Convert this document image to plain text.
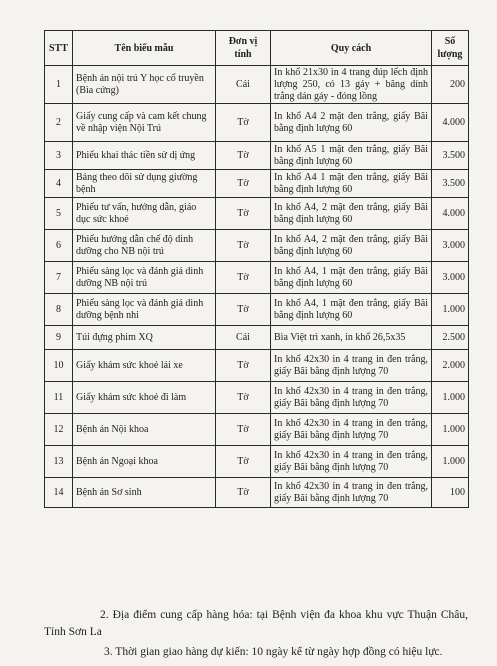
STT	Tên biểu mẫu	Đơn vị tính	Quy cách	Số lượng
1	Bệnh án nội trú Y học cổ truyền (Bìa cứng)	Cái	In khổ 21x30 in 4 trang đúp lếch định lượng 250, có 13 gáy + băng dính trắng dán gáy - đóng lồng	200
2	Giấy cung cấp và cam kết chung về nhập viện Nội Trú	Tờ	In khổ A4 2 mặt đen trắng, giấy Bãi bằng định lượng 60	4.000
3	Phiếu khai thác tiền sử dị ứng	Tờ	In khổ A5 1 mặt đen trắng, giấy Bãi bằng định lượng 60	3.500
4	Bảng theo dõi sử dụng giường bệnh	Tờ	In khổ A4 1 mặt đen trắng, giấy Bãi bằng định lượng 60	3.500
5	Phiếu tư vấn, hướng dẫn, giáo dục sức khoẻ	Tờ	In khổ A4, 2 mặt đen trắng, giấy Bãi bằng định lượng 60	4.000
6	Phiếu hướng dẫn chế độ dinh dưỡng cho NB nội trú	Tờ	In khổ A4, 2 mặt đen trắng, giấy Bãi bằng định lượng 60	3.000
7	Phiếu sàng lọc và đánh giá dinh dưỡng NB nội trú	Tờ	In khổ A4, 1 mặt đen trắng, giấy Bãi bằng định lượng 60	3.000
8	Phiếu sàng lọc và đánh giá dinh dưỡng bệnh nhi	Tờ	In khổ A4, 1 mặt đen trắng, giấy Bãi bằng định lượng 60	1.000
9	Túi đựng phim XQ	Cái	Bìa Việt trì xanh, in khổ 26,5x35	2.500
10	Giấy khám sức khoẻ lái xe	Tờ	In khổ 42x30 in 4 trang in đen trắng, giấy Bãi bằng định lượng 70	2.000
11	Giấy khám sức khoẻ đi làm	Tờ	In khổ 42x30 in 4 trang in đen trắng, giấy Bãi bằng định lượng 70	1.000
12	Bệnh án Nội khoa	Tờ	In khổ 42x30 in 4 trang in đen trắng, giấy Bãi bằng định lượng 70	1.000
13	Bệnh án Ngoại khoa	Tờ	In khổ 42x30 in 4 trang in đen trắng, giấy Bãi bằng định lượng 70	1.000
14	Bệnh án Sơ sinh	Tờ	In khổ 42x30 in 4 trang in đen trắng, giấy Bãi bằng định lượng 70	100

2. Địa điểm cung cấp hàng hóa: tại Bệnh viện đa khoa khu vực Thuận Châu, Tỉnh Sơn La

3. Thời gian giao hàng dự kiến: 10 ngày kể từ ngày hợp đồng có hiệu lực.
